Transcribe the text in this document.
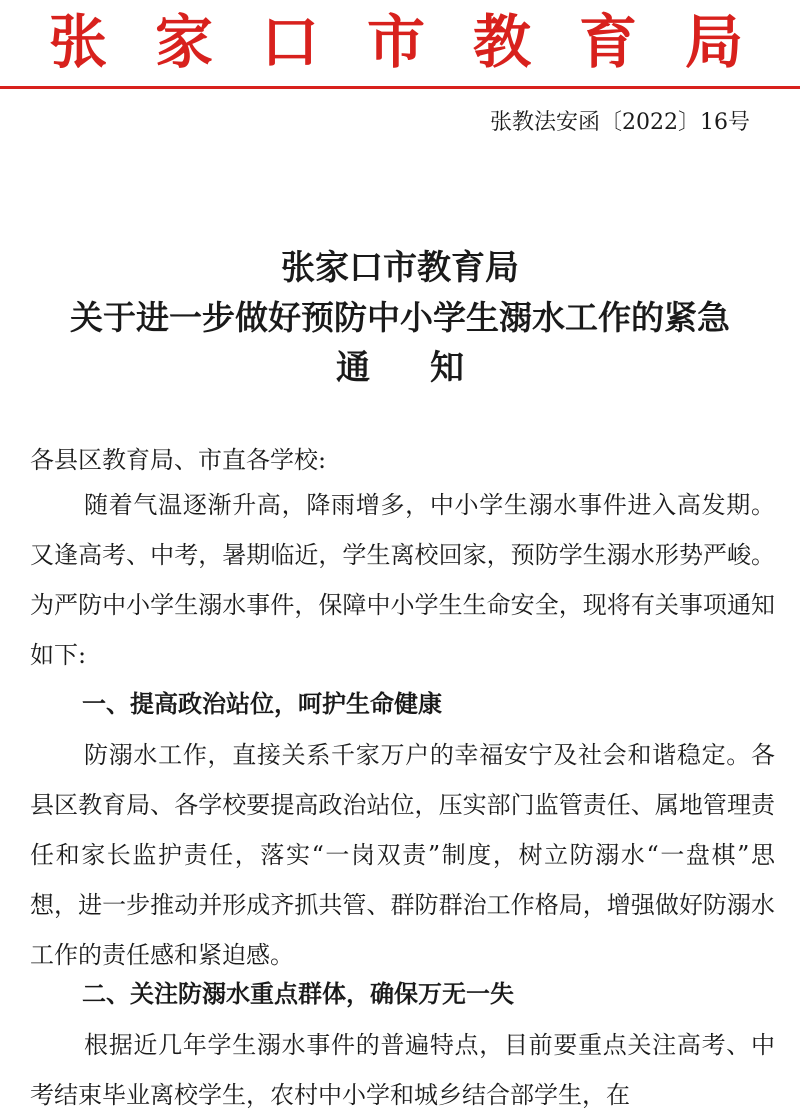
张家口市教育局
张教法安函〔2022〕16号
张家口市教育局
关于进一步做好预防中小学生溺水工作的紧急
通知
各县区教育局、市直各学校:

随着气温逐渐升高，降雨增多，中小学生溺水事件进入高发期。又逢高考、中考，暑期临近，学生离校回家，预防学生溺水形势严峻。为严防中小学生溺水事件，保障中小学生生命安全，现将有关事项通知如下:

一、提高政治站位，呵护生命健康

防溺水工作，直接关系千家万户的幸福安宁及社会和谐稳定。各县区教育局、各学校要提高政治站位，压实部门监管责任、属地管理责任和家长监护责任，落实“一岗双责”制度，树立防溺水“一盘棋”思想，进一步推动并形成齐抓共管、群防群治工作格局，增强做好防溺水工作的责任感和紧迫感。

二、关注防溺水重点群体，确保万无一失

根据近几年学生溺水事件的普遍特点，目前要重点关注高考、中考结束毕业离校学生，农村中小学和城乡结合部学生，在
